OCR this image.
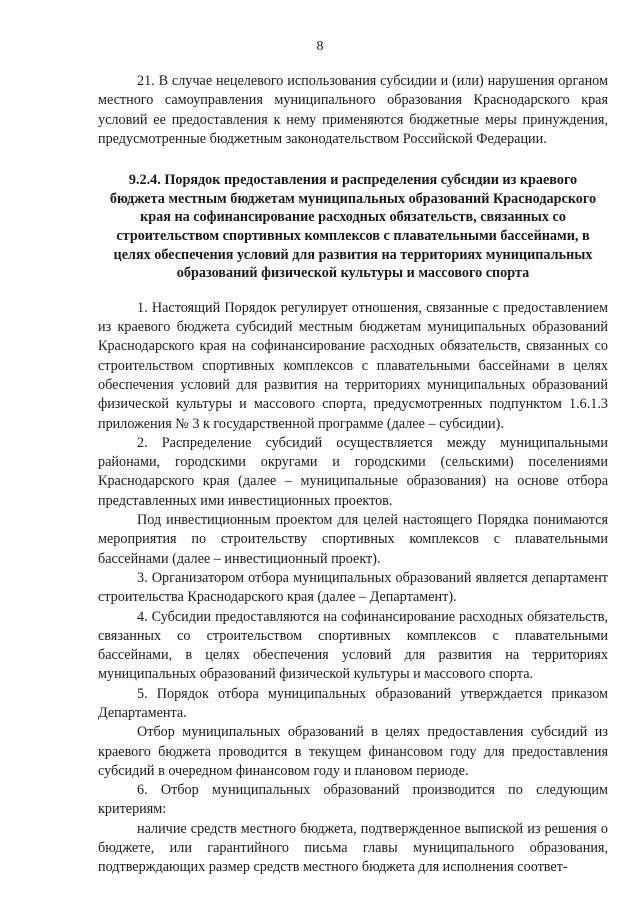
8

21. В случае нецелевого использования субсидии и (или) нарушения органом местного самоуправления муниципального образования Краснодарского края условий ее предоставления к нему применяются бюджетные меры принуждения, предусмотренные бюджетным законодательством Российской Федерации.

9.2.4. Порядок предоставления и распределения субсидии из краевого бюджета местным бюджетам муниципальных образований Краснодарского края на софинансирование расходных обязательств, связанных со строительством спортивных комплексов с плавательными бассейнами, в целях обеспечения условий для развития на территориях муниципальных образований физической культуры и массового спорта

1. Настоящий Порядок регулирует отношения, связанные с предоставлением из краевого бюджета субсидий местным бюджетам муниципальных образований Краснодарского края на софинансирование расходных обязательств, связанных со строительством спортивных комплексов с плавательными бассейнами в целях обеспечения условий для развития на территориях муниципальных образований физической культуры и массового спорта, предусмотренных подпунктом 1.6.1.3 приложения № 3 к государственной программе (далее – субсидии).

2. Распределение субсидий осуществляется между муниципальными районами, городскими округами и городскими (сельскими) поселениями Краснодарского края (далее – муниципальные образования) на основе отбора представленных ими инвестиционных проектов.

Под инвестиционным проектом для целей настоящего Порядка понимаются мероприятия по строительству спортивных комплексов с плавательными бассейнами (далее – инвестиционный проект).

3. Организатором отбора муниципальных образований является департамент строительства Краснодарского края (далее – Департамент).

4. Субсидии предоставляются на софинансирование расходных обязательств, связанных со строительством спортивных комплексов с плавательными бассейнами, в целях обеспечения условий для развития на территориях муниципальных образований физической культуры и массового спорта.

5. Порядок отбора муниципальных образований утверждается приказом Департамента.

Отбор муниципальных образований в целях предоставления субсидий из краевого бюджета проводится в текущем финансовом году для предоставления субсидий в очередном финансовом году и плановом периоде.

6. Отбор муниципальных образований производится по следующим критериям:

наличие средств местного бюджета, подтвержденное выпиской из решения о бюджете, или гарантийного письма главы муниципального образования, подтверждающих размер средств местного бюджета для исполнения соответ-
